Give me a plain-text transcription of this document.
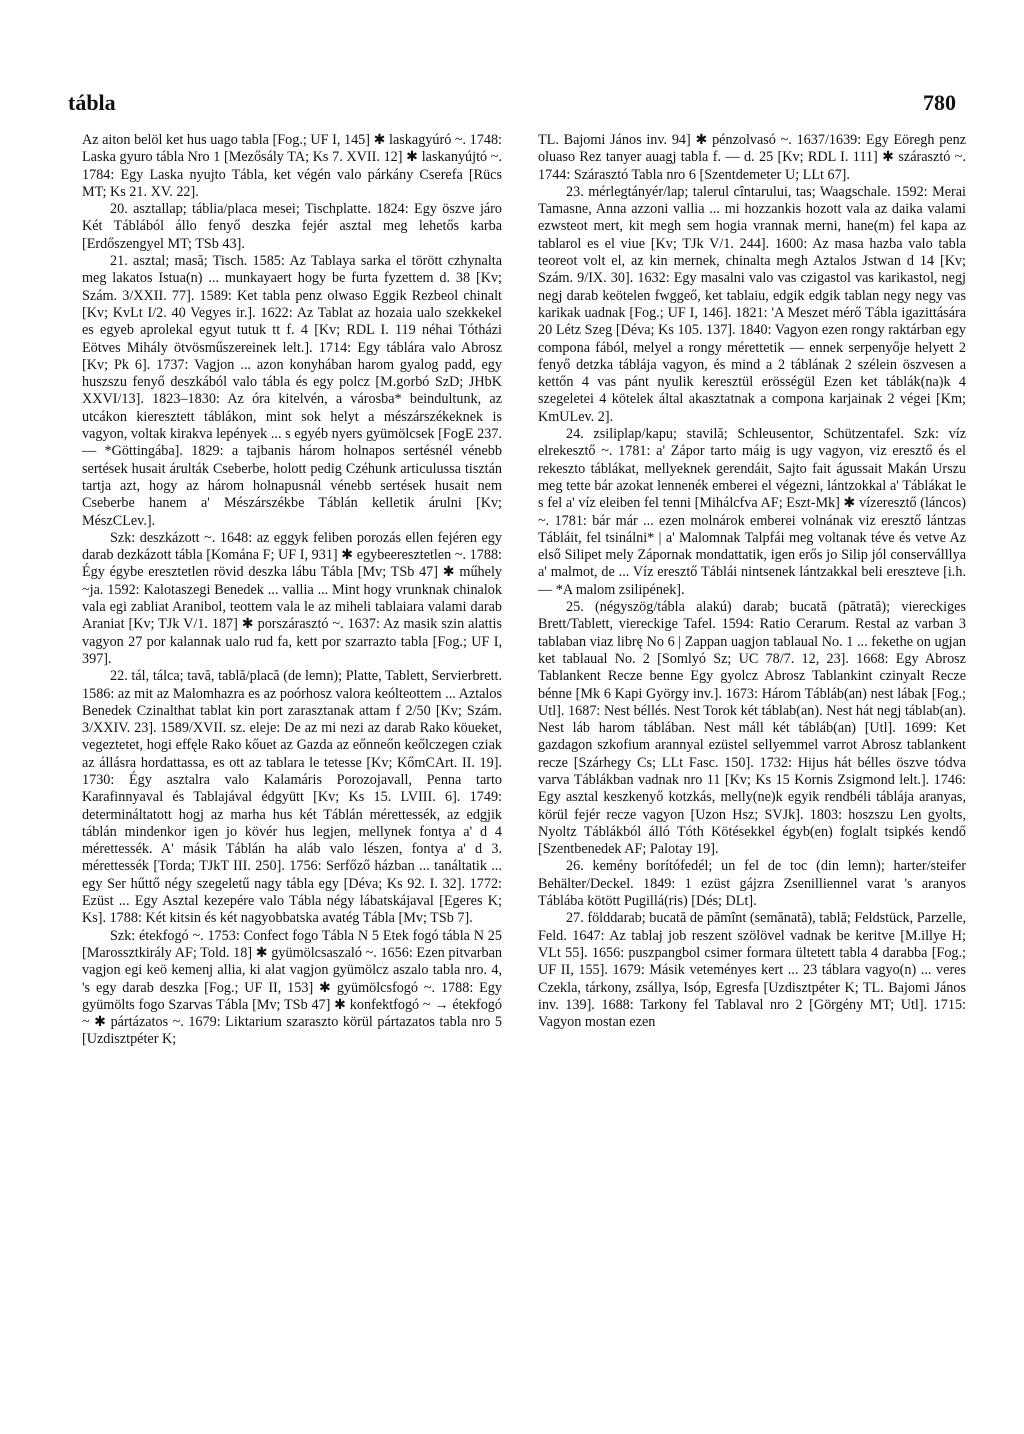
tábla	780

Az aiton belöl ket hus uago tabla [Fog.; UF I, 145] ✱ laskagyúró ~. 1748: Laska gyuro tábla Nro 1 [Mezősály TA; Ks 7. XVII. 12] ✱ laskanyújtó ~. 1784: Egy Laska nyujto Tábla, ket végén valo párkány Cserefa [Rücs MT; Ks 21. XV. 22].

20. asztallap; táblia/placa mesei; Tischplatte. 1824: Egy öszve járo Két Táblából állo fenyő deszka fejér asztal meg lehetős karba [Erdőszengyel MT; TSb 43].

21. asztal; masă; Tisch. 1585: Az Tablaya sarka el törött czhynalta meg lakatos Istua(n) ... munkayaert hogy be furta fyzettem d. 38 [Kv; Szám. 3/XXII. 77]. 1589: Ket tabla penz olwaso Eggik Rezbeol chinalt [Kv; KvLt I/2. 40 Vegyes ir.]. 1622: Az Tablat az hozaia ualo szekkekel es egyeb aprolekal egyut tutuk tt f. 4 [Kv; RDL I. 119 néhai Tótházi Eötves Mihály ötvösműszereinek lelt.]. 1714: Egy táblára valo Abrosz [Kv; Pk 6]. 1737: Vagjon ... azon konyhában harom gyalog padd, egy huszszu fenyő deszkából valo tábla és egy polcz [M.gorbó SzD; JHbK XXVI/13]. 1823–1830: Az óra kitelvén, a városba* beindultunk, az utcákon kieresztett táblákon, mint sok helyt a mészárszékeknek is vagyon, voltak kirakva lepények ... s egyéb nyers gyümölcsek [FogE 237. — *Göttingába]. 1829: a tajbanis három holnapos sertésnél vénebb sertések husait árulták Cseberbe, holott pedig Czéhunk articulussa tisztán tartja azt, hogy az három holnapusnál vénebb sertések husait nem Cseberbe hanem a' Mészárszékbe Táblán kelletik árulni [Kv; MészCLev.].

Szk: deszkázott ~. 1648: az eggyk feliben porozás ellen fejéren egy darab dezkázott tábla [Komána F; UF I, 931] ✱ egybeeresztetlen ~. 1788: Égy égybe eresztetlen rövid deszka lábu Tábla [Mv; TSb 47] ✱ műhely ~ja. 1592: Kalotaszegi Benedek ... vallia ... Mint hogy vrunknak chinalok vala egi zabliat Aranibol, teottem vala le az miheli tablaiara valami darab Araniat [Kv; TJk V/1. 187] ✱ porszárasztó ~. 1637: Az masik szin alattis vagyon 27 por kalannak ualo rud fa, kett por szarrazto tabla [Fog.; UF I, 397].

22. tál, tálca; tavă, tablă/placă (de lemn); Platte, Tablett, Servierbrett. 1586: az mit az Malomhazra es az poórhosz valora keólteottem ... Aztalos Benedek Czinalthat tablat kin port zarasztanak attam f 2/50 [Kv; Szám. 3/XXIV. 23]. 1589/XVII. sz. eleje: De az mi nezi az darab Rako köueket, vegeztetet, hogi effęle Rako kőuet az Gazda az eőnneőn keőlczegen cziak az állásra hordattassa, es ott az tablara le tetesse [Kv; KőmCArt. II. 19]. 1730: Égy asztalra valo Kalamáris Porozojavall, Penna tarto Karafinnyaval és Tablajával édgyütt [Kv; Ks 15. LVIII. 6]. 1749: determináltatott hogj az marha hus két Táblán mérettessék, az edgjik táblán mindenkor igen jo kövér hus legjen, mellynek fontya a' d 4 mérettessék. A' másik Táblán ha aláb valo lészen, fontya a' d 3. mérettessék [Torda; TJkT III. 250]. 1756: Serfőző házban ... tanáltatik ... egy Ser hűttő négy szegeletű nagy tábla egy [Déva; Ks 92. I. 32]. 1772: Ezüst ... Egy Asztal kezepére valo Tábla négy lábatskájaval [Egeres K; Ks]. 1788: Két kitsin és két nagyobbatska avatég Tábla [Mv; TSb 7].

Szk: étekfogó ~. 1753: Confect fogo Tábla N 5 Etek fogó tábla N 25 [Marossztkirály AF; Told. 18] ✱ gyümölcsaszaló ~. 1656: Ezen pitvarban vagjon egi keö kemenj allia, ki alat vagjon gyümölcz aszalo tabla nro. 4, 's egy darab deszka [Fog.; UF II, 153] ✱ gyümölcsfogó ~. 1788: Egy gyümölts fogo Szarvas Tábla [Mv; TSb 47] ✱ konfektfogó ~ → étekfogó ~ ✱ pártázatos ~. 1679: Liktarium szaraszto körül pártazatos tabla nro 5 [Uzdisztpéter K;

TL. Bajomi János inv. 94] ✱ pénzolvasó ~. 1637/1639: Egy Eöregh penz oluaso Rez tanyer auagj tabla f. — d. 25 [Kv; RDL I. 111] ✱ szárasztó ~. 1744: Szárasztó Tabla nro 6 [Szentdemeter U; LLt 67].

23. mérlegtányér/lap; talerul cîntarului, tas; Waagschale. 1592: Merai Tamasne, Anna azzoni vallia ... mi hozzankis hozott vala az daika valami ezwsteot mert, kit megh sem hogia vrannak merni, hane(m) fel kapa az tablarol es el viue [Kv; TJk V/1. 244]. 1600: Az masa hazba valo tabla teoreot volt el, az kin mernek, chinalta megh Aztalos Jstwan d 14 [Kv; Szám. 9/IX. 30]. 1632: Egy masalni valo vas czigastol vas karikastol, negj negj darab keötelen fwggeő, ket tablaiu, edgik edgik tablan negy negy vas karikak uadnak [Fog.; UF I, 146]. 1821: 'A Meszet mérő Tábla igazittására 20 Létz Szeg [Déva; Ks 105. 137]. 1840: Vagyon ezen rongy raktárban egy compona fából, melyel a rongy mérettetik — ennek serpenyője helyett 2 fenyő detzka táblája vagyon, és mind a 2 táblának 2 szélein öszvesen a kettőn 4 vas pánt nyulik keresztül erösségül Ezen ket táblák(na)k 4 szegeletei 4 kötelek által akasztatnak a compona karjainak 2 végei [Km; KmULev. 2].

24. zsiliplap/kapu; stavilă; Schleusentor, Schützentafel. Szk: víz elrekesztő ~. 1781: a' Zápor tarto máig is ugy vagyon, viz eresztő és el rekeszto táblákat, mellyeknek gerendáit, Sajto fait águssait Makán Urszu meg tette bár azokat lennenék emberei el végezni, lántzokkal a' Táblákat le s fel a' víz eleiben fel tenni [Mihálcfva AF; Eszt-Mk] ✱ vízeresztő (láncos) ~. 1781: bár már ... ezen molnárok emberei volnának viz eresztő lántzas Tábláit, fel tsinálni* | a' Malomnak Talpfái meg voltanak téve és vetve Az első Silipet mely Zápornak mondattatik, igen erős jo Silip jól conserválllya a' malmot, de ... Víz eresztő Táblái nintsenek lántzakkal beli ereszteve [i.h. — *A malom zsilipének].

25. (négyszög/tábla alakú) darab; bucată (pătrată); viereckiges Brett/Tablett, viereckige Tafel. 1594: Ratio Cerarum. Restal az varban 3 tablaban viaz librę No 6 | Zappan uagjon tablaual No. 1 ... fekethe on ugjan ket tablaual No. 2 [Somlyó Sz; UC 78/7. 12, 23]. 1668: Egy Abrosz Tablankent Recze benne Egy gyolcz Abrosz Tablankint czinyalt Recze bénne [Mk 6 Kapi György inv.]. 1673: Három Tábláb(an) nest lábak [Fog.; Utl]. 1687: Nest béllés. Nest Torok két táblab(an). Nest hát negj táblab(an). Nest láb harom táblában. Nest máll két tábláb(an) [Utl]. 1699: Ket gazdagon szkofium arannyal ezüstel sellyemmel varrot Abrosz tablankent recze [Szárhegy Cs; LLt Fasc. 150]. 1732: Hijus hát bélles öszve tódva varva Táblákban vadnak nro 11 [Kv; Ks 15 Kornis Zsigmond lelt.]. 1746: Egy asztal keszkenyő kotzkás, melly(ne)k egyik rendbéli táblája aranyas, körül fejér recze vagyon [Uzon Hsz; SVJk]. 1803: hoszszu Len gyolts, Nyoltz Táblákból álló Tóth Kötésekkel égyb(en) foglalt tsipkés kendő [Szentbenedek AF; Palotay 19].

26. kemény borítófedél; un fel de toc (din lemn); harter/steifer Behälter/Deckel. 1849: 1 ezüst gájzra Zsenilliennel varat 's aranyos Táblába kötött Pugillá(ris) [Dés; DLt].

27. földdarab; bucată de pămînt (semănată), tablă; Feldstück, Parzelle, Feld. 1647: Az tablaj job reszent szölövel vadnak be keritve [M.illye H; VLt 55]. 1656: puszpangbol csimer formara ültetett tabla 4 darabba [Fog.; UF II, 155]. 1679: Másik veteményes kert ... 23 táblara vagyo(n) ... veres Czekla, tárkony, zsállya, Isóp, Egresfa [Uzdisztpéter K; TL. Bajomi János inv. 139]. 1688: Tarkony fel Tablaval nro 2 [Görgény MT; Utl]. 1715: Vagyon mostan ezen
